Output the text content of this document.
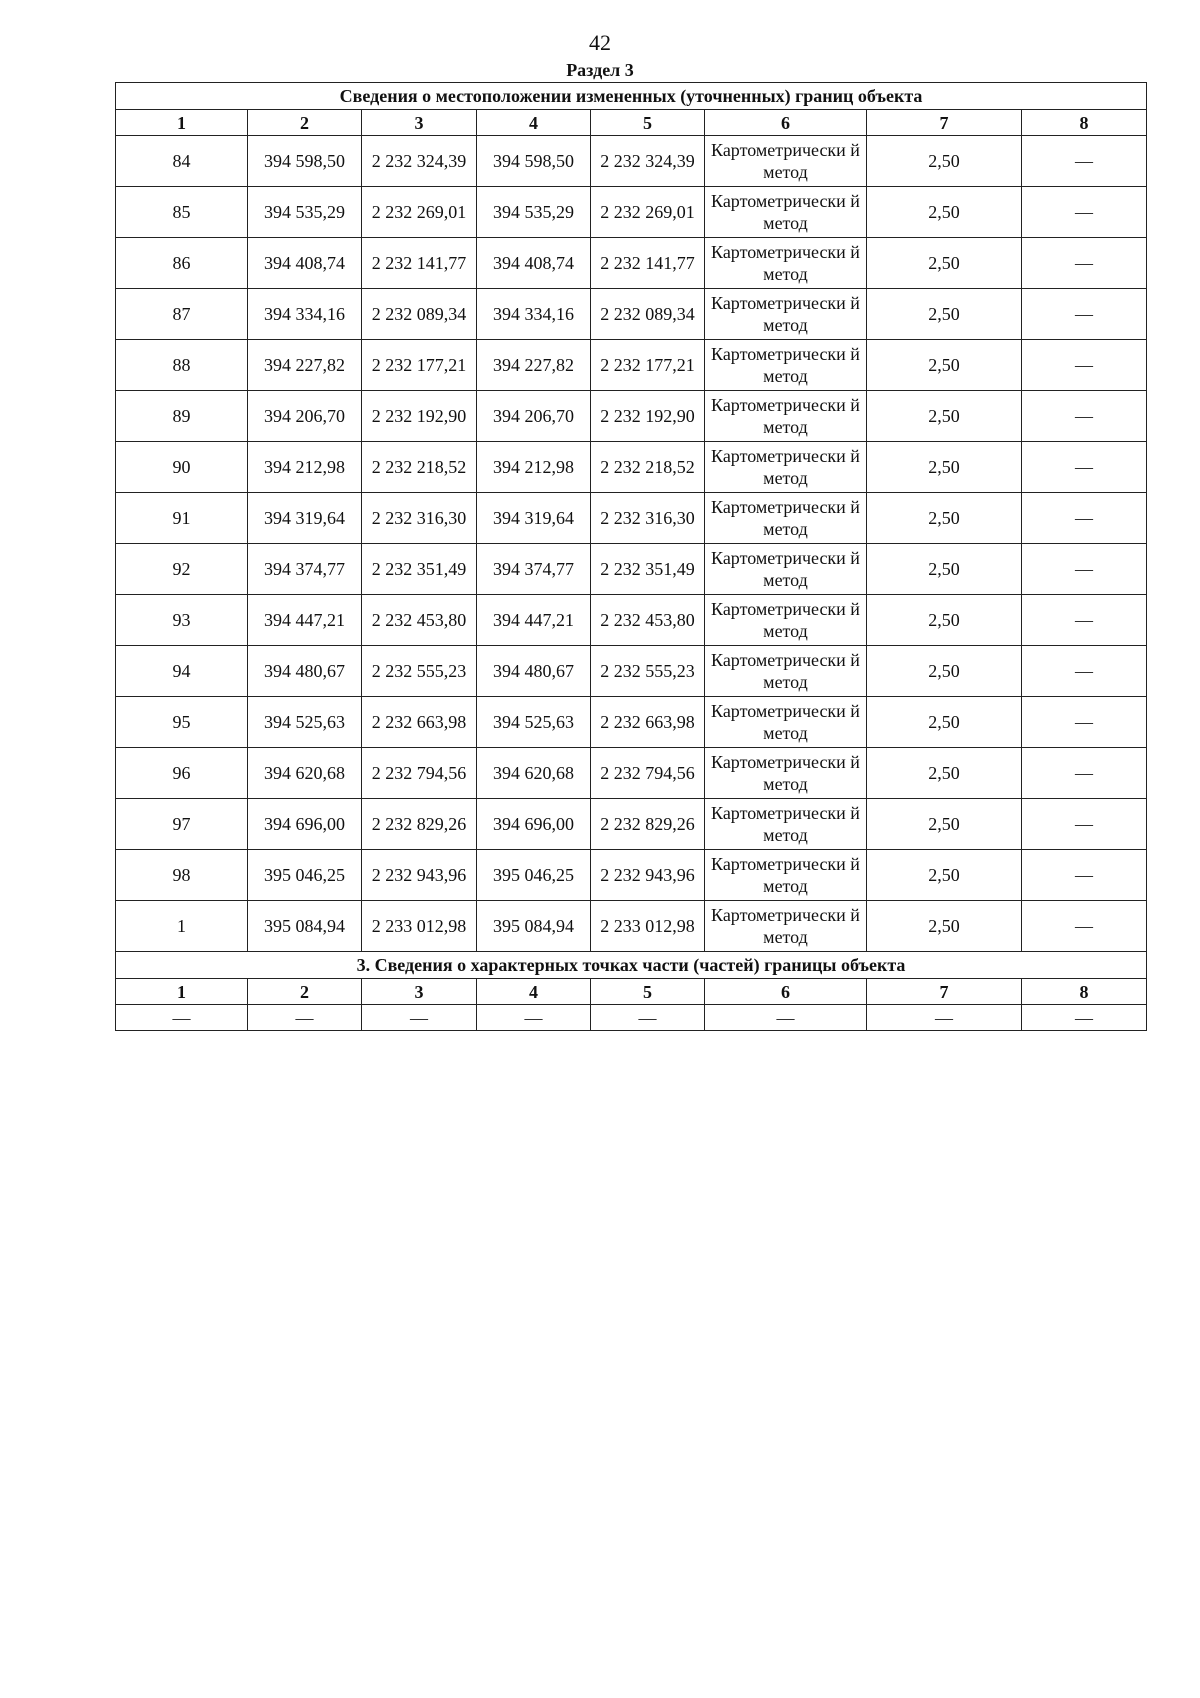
42
Раздел 3
Сведения о местоположении измененных (уточненных) границ объекта							
1	2	3	4	5	6	7	8
84	394 598,50	2 232 324,39	394 598,50	2 232 324,39	Картометрически й метод	2,50	—
85	394 535,29	2 232 269,01	394 535,29	2 232 269,01	Картометрически й метод	2,50	—
86	394 408,74	2 232 141,77	394 408,74	2 232 141,77	Картометрически й метод	2,50	—
87	394 334,16	2 232 089,34	394 334,16	2 232 089,34	Картометрически й метод	2,50	—
88	394 227,82	2 232 177,21	394 227,82	2 232 177,21	Картометрически й метод	2,50	—
89	394 206,70	2 232 192,90	394 206,70	2 232 192,90	Картометрически й метод	2,50	—
90	394 212,98	2 232 218,52	394 212,98	2 232 218,52	Картометрически й метод	2,50	—
91	394 319,64	2 232 316,30	394 319,64	2 232 316,30	Картометрически й метод	2,50	—
92	394 374,77	2 232 351,49	394 374,77	2 232 351,49	Картометрически й метод	2,50	—
93	394 447,21	2 232 453,80	394 447,21	2 232 453,80	Картометрически й метод	2,50	—
94	394 480,67	2 232 555,23	394 480,67	2 232 555,23	Картометрически й метод	2,50	—
95	394 525,63	2 232 663,98	394 525,63	2 232 663,98	Картометрически й метод	2,50	—
96	394 620,68	2 232 794,56	394 620,68	2 232 794,56	Картометрически й метод	2,50	—
97	394 696,00	2 232 829,26	394 696,00	2 232 829,26	Картометрически й метод	2,50	—
98	395 046,25	2 232 943,96	395 046,25	2 232 943,96	Картометрически й метод	2,50	—
1	395 084,94	2 233 012,98	395 084,94	2 233 012,98	Картометрически й метод	2,50	—
3. Сведения о характерных точках части (частей) границы объекта							
1	2	3	4	5	6	7	8
—	—	—	—	—	—	—	—
